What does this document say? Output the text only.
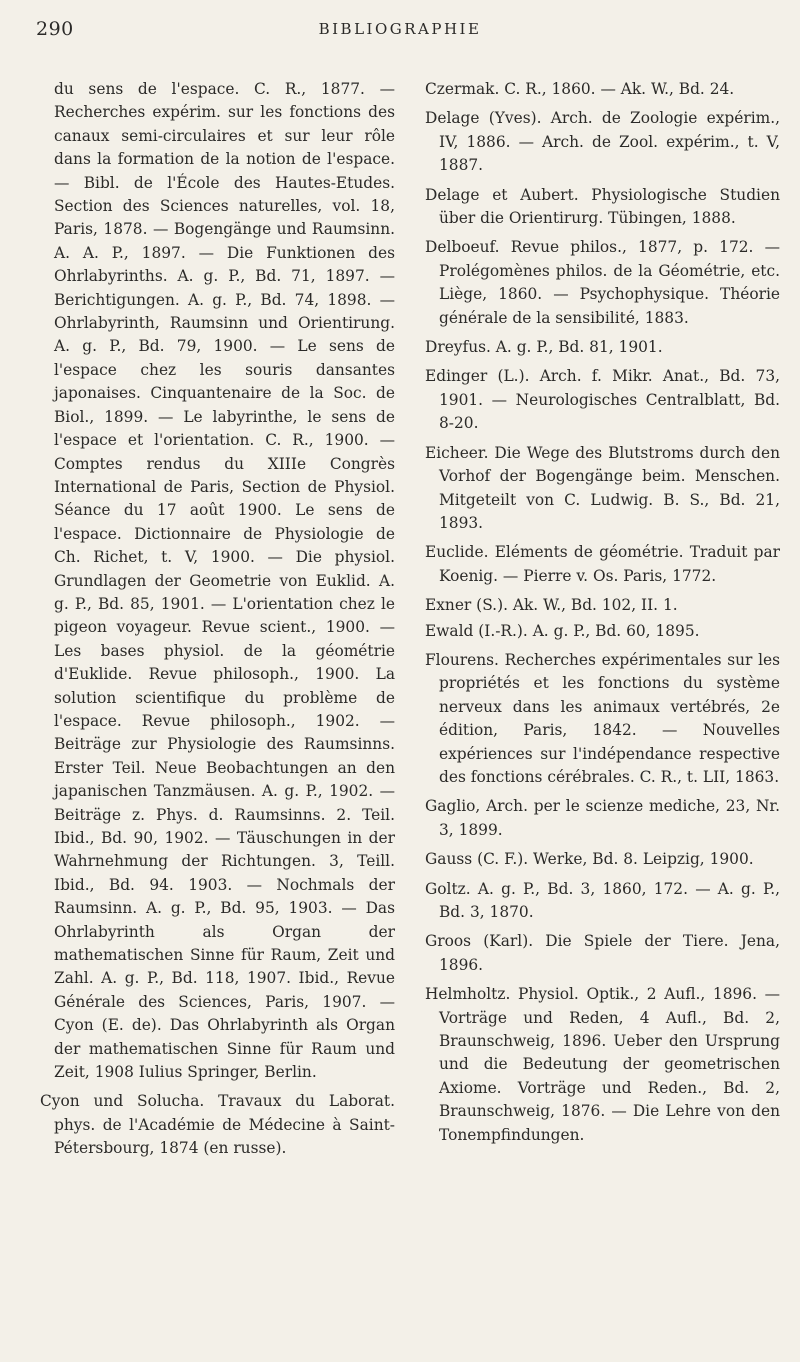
290	BIBLIOGRAPHIE

du sens de l'espace. C. R., 1877. — Recherches expérim. sur les fonctions des canaux semi-circulaires et sur leur rôle dans la formation de la notion de l'espace. — Bibl. de l'École des Hautes-Etudes. Section des Sciences naturelles, vol. 18, Paris, 1878. — Bogengänge und Raumsinn. A. A. P., 1897. — Die Funktionen des Ohrlabyrinths. A. g. P., Bd. 71, 1897. — Berichtigungen. A. g. P., Bd. 74, 1898. — Ohrlabyrinth, Raumsinn und Orientirung. A. g. P., Bd. 79, 1900. — Le sens de l'espace chez les souris dansantes japonaises. Cinquantenaire de la Soc. de Biol., 1899. — Le labyrinthe, le sens de l'espace et l'orientation. C. R., 1900. — Comptes rendus du XIIIe Congrès International de Paris, Section de Physiol. Séance du 17 août 1900. Le sens de l'espace. Dictionnaire de Physiologie de Ch. Richet, t. V, 1900. — Die physiol. Grundlagen der Geometrie von Euklid. A. g. P., Bd. 85, 1901. — L'orientation chez le pigeon voyageur. Revue scient., 1900. — Les bases physiol. de la géométrie d'Euklide. Revue philosoph., 1900. La solution scientifique du problème de l'espace. Revue philosoph., 1902. — Beiträge zur Physiologie des Raumsinns. Erster Teil. Neue Beobachtungen an den japanischen Tanzmäusen. A. g. P., 1902. — Beiträge z. Phys. d. Raumsinns. 2. Teil. Ibid., Bd. 90, 1902. — Täuschungen in der Wahrnehmung der Richtungen. 3, Teill. Ibid., Bd. 94. 1903. — Nochmals der Raumsinn. A. g. P., Bd. 95, 1903. — Das Ohrlabyrinth als Organ der mathematischen Sinne für Raum, Zeit und Zahl. A. g. P., Bd. 118, 1907. Ibid., Revue Générale des Sciences, Paris, 1907. — Cyon (E. de). Das Ohrlabyrinth als Organ der mathematischen Sinne für Raum und Zeit, 1908 Iulius Springer, Berlin.

Cyon und Solucha. Travaux du Laborat. phys. de l'Académie de Médecine à Saint-Pétersbourg, 1874 (en russe).

Czermak. C. R., 1860. — Ak. W., Bd. 24.

Delage (Yves). Arch. de Zoologie expérim., IV, 1886. — Arch. de Zool. expérim., t. V, 1887.

Delage et Aubert. Physiologische Studien über die Orientirurg. Tübingen, 1888.

Delboeuf. Revue philos., 1877, p. 172. — Prolégomènes philos. de la Géométrie, etc. Liège, 1860. — Psychophysique. Théorie générale de la sensibilité, 1883.

Dreyfus. A. g. P., Bd. 81, 1901.

Edinger (L.). Arch. f. Mikr. Anat., Bd. 73, 1901. — Neurologisches Centralblatt, Bd. 8-20.

Eicheer. Die Wege des Blutstroms durch den Vorhof der Bogengänge beim. Menschen. Mitgeteilt von C. Ludwig. B. S., Bd. 21, 1893.

Euclide. Eléments de géométrie. Traduit par Koenig. — Pierre v. Os. Paris, 1772.

Exner (S.). Ak. W., Bd. 102, II. 1.

Ewald (I.-R.). A. g. P., Bd. 60, 1895.

Flourens. Recherches expérimentales sur les propriétés et les fonctions du système nerveux dans les animaux vertébrés, 2e édition, Paris, 1842. — Nouvelles expériences sur l'indépendance respective des fonctions cérébrales. C. R., t. LII, 1863.

Gaglio, Arch. per le scienze mediche, 23, Nr. 3, 1899.

Gauss (C. F.). Werke, Bd. 8. Leipzig, 1900.

Goltz. A. g. P., Bd. 3, 1860, 172. — A. g. P., Bd. 3, 1870.

Groos (Karl). Die Spiele der Tiere. Jena, 1896.

Helmholtz. Physiol. Optik., 2 Aufl., 1896. — Vorträge und Reden, 4 Aufl., Bd. 2, Braunschweig, 1896. Ueber den Ursprung und die Bedeutung der geometrischen Axiome. Vorträge und Reden., Bd. 2, Braunschweig, 1876. — Die Lehre von den Tonempfindungen.
